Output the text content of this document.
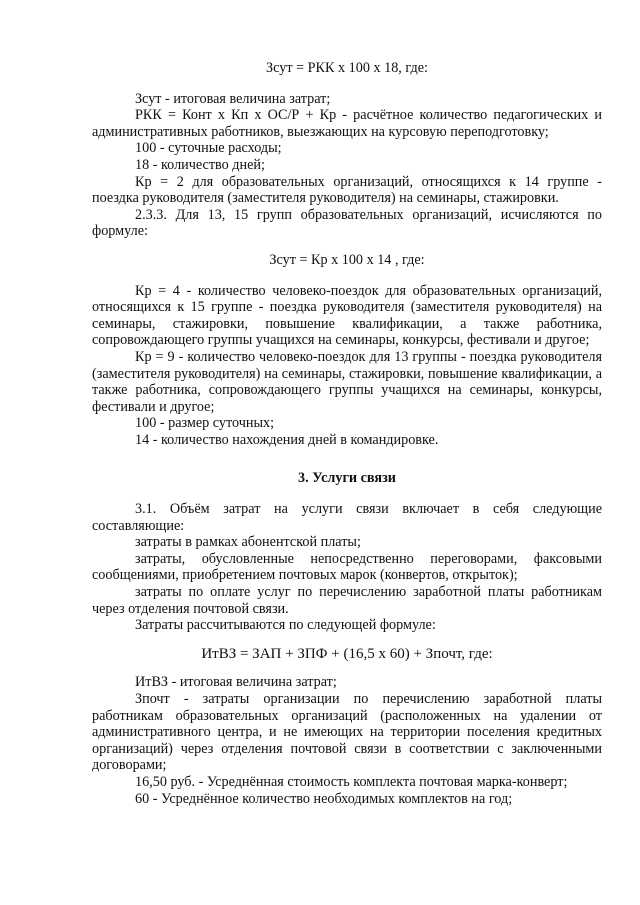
Зсут = РКК х 100 х 18, где:

Зсут - итоговая величина затрат;

РКК = Конт х Кп х ОС/Р + Кр - расчётное количество педагогических и административных работников, выезжающих на курсовую переподготовку;

100 - суточные расходы;

18 - количество дней;

Кр = 2 для образовательных организаций, относящихся к 14 группе - поездка руководителя (заместителя руководителя) на семинары, стажировки.

2.3.3. Для 13, 15 групп образовательных организаций, исчисляются по формуле:

Зсут = Кр х 100 х 14 , где:

Кр = 4 - количество человеко-поездок для образовательных организаций, относящихся к 15 группе - поездка руководителя (заместителя руководителя) на семинары, стажировки, повышение квалификации, а также работника, сопровождающего группы учащихся на семинары, конкурсы, фестивали и другое;

Кр = 9 - количество человеко-поездок для 13 группы - поездка руководителя (заместителя руководителя) на семинары, стажировки, повышение квалификации, а также работника, сопровождающего группы учащихся на семинары, конкурсы, фестивали и другое;

100 - размер суточных;

14 - количество нахождения дней в командировке.

3. Услуги связи

3.1. Объём затрат на услуги связи включает в себя следующие составляющие:

затраты в рамках абонентской платы;

затраты, обусловленные непосредственно переговорами, факсовыми сообщениями, приобретением почтовых марок (конвертов, открыток);

затраты по оплате услуг по перечислению заработной платы работникам через отделения почтовой связи.

Затраты рассчитываются по следующей формуле:

ИтВЗ = ЗАП + ЗПФ + (16,5 х 60) + Зпочт, где:

ИтВЗ - итоговая величина затрат;

Зпочт - затраты организации по перечислению заработной платы работникам образовательных организаций (расположенных на удалении от административного центра, и не имеющих на территории поселения кредитных организаций) через отделения почтовой связи в соответствии с заключенными договорами;

16,50 руб. - Усреднённая стоимость комплекта почтовая марка-конверт;

60 - Усреднённое количество необходимых комплектов на год;
